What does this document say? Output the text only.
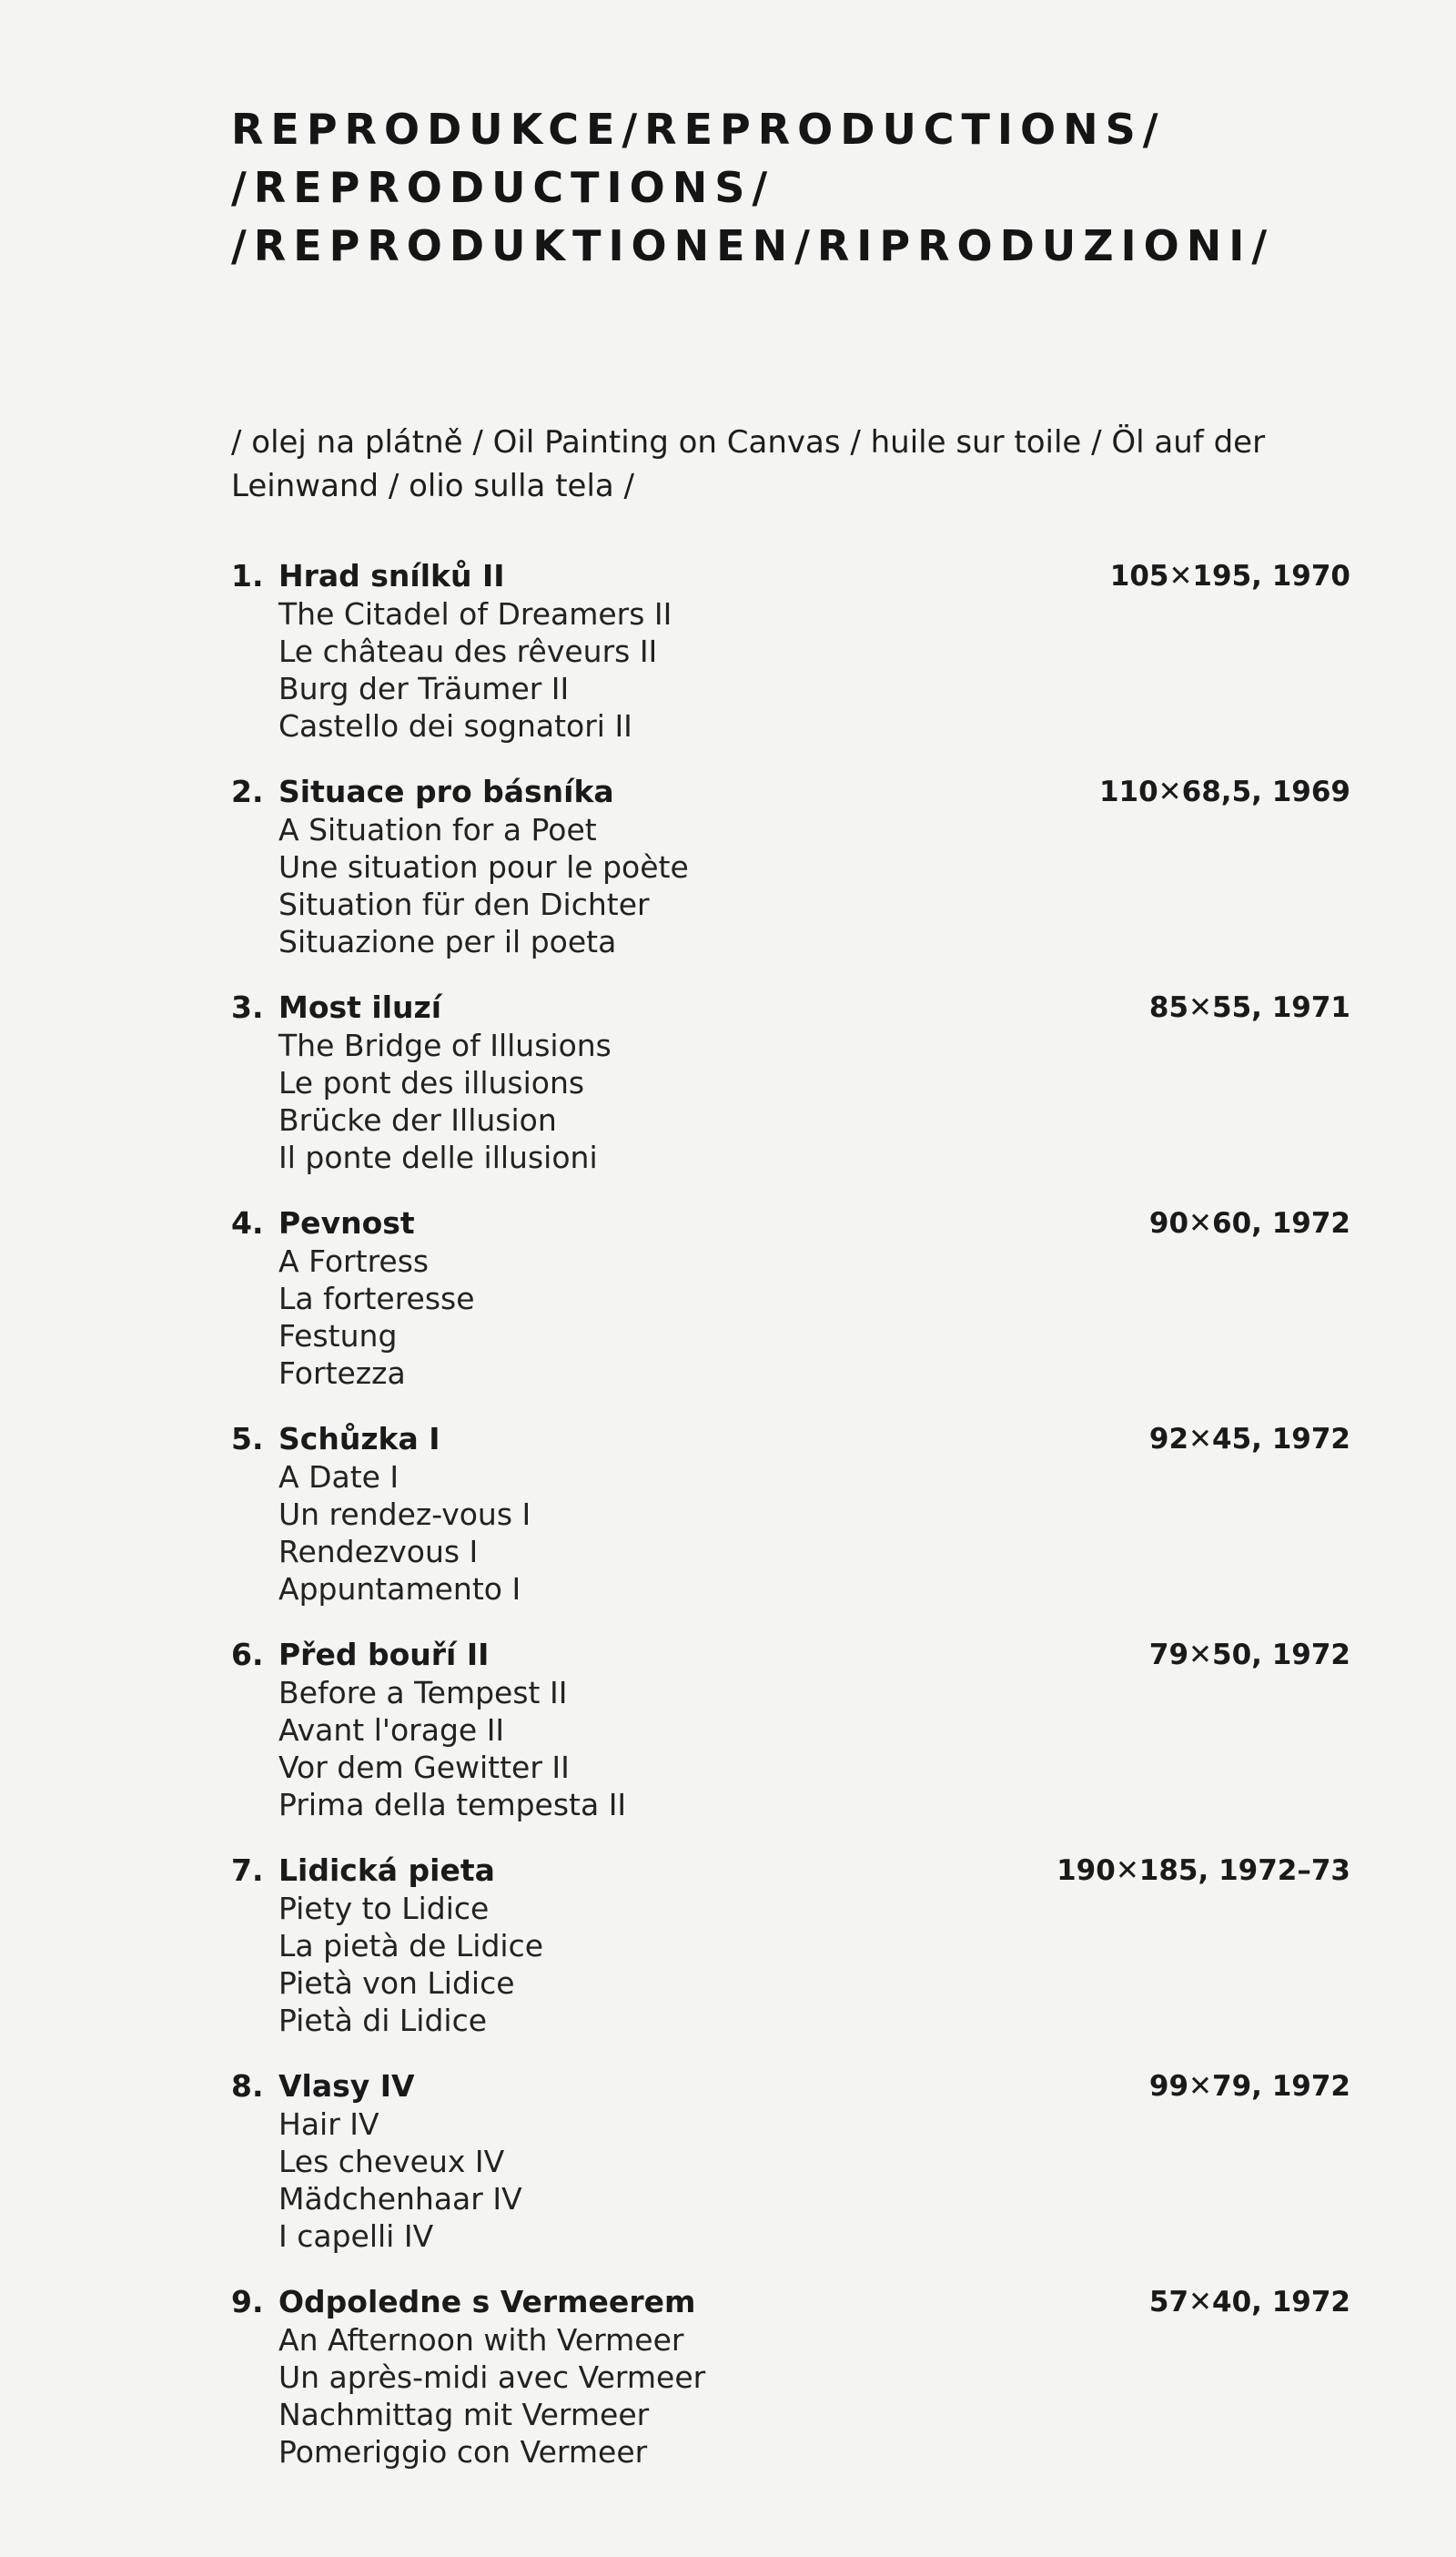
REPRODUKCE/REPRODUCTIONS/
/REPRODUCTIONS/
/REPRODUKTIONEN/RIPRODUZIONI/
/ olej na plátně / Oil Painting on Canvas / huile sur toile / Öl auf der Leinwand / olio sulla tela /
1. Hrad snílků II	105✕195, 1970
The Citadel of Dreamers II
Le château des rêveurs II
Burg der Träumer II
Castello dei sognatori II
2. Situace pro básníka	110✕68,5, 1969
A Situation for a Poet
Une situation pour le poète
Situation für den Dichter
Situazione per il poeta
3. Most iluzí	85✕55, 1971
The Bridge of Illusions
Le pont des illusions
Brücke der Illusion
Il ponte delle illusioni
4. Pevnost	90✕60, 1972
A Fortress
La forteresse
Festung
Fortezza
5. Schůzka I	92✕45, 1972
A Date I
Un rendez-vous I
Rendezvous I
Appuntamento I
6. Před bouří II	79✕50, 1972
Before a Tempest II
Avant l'orage II
Vor dem Gewitter II
Prima della tempesta II
7. Lidická pieta	190✕185, 1972–73
Piety to Lidice
La pietà de Lidice
Pietà von Lidice
Pietà di Lidice
8. Vlasy IV	99✕79, 1972
Hair IV
Les cheveux IV
Mädchenhaar IV
I capelli IV
9. Odpoledne s Vermeerem	57✕40, 1972
An Afternoon with Vermeer
Un après-midi avec Vermeer
Nachmittag mit Vermeer
Pomeriggio con Vermeer
